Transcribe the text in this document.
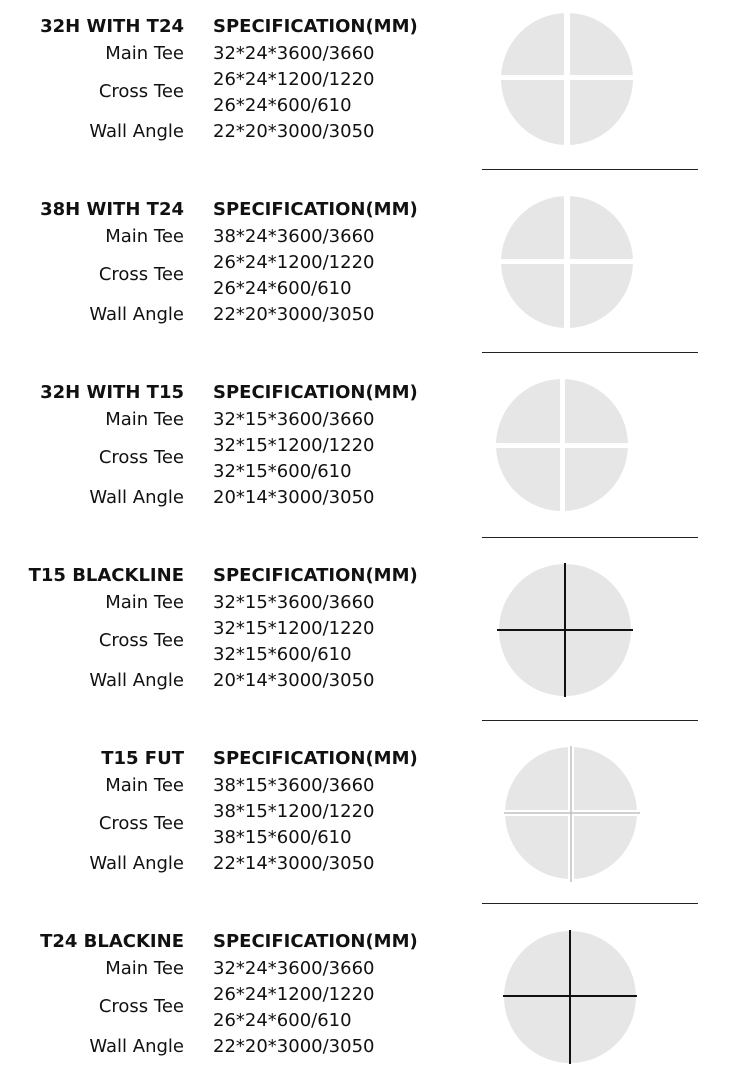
32H WITH T24 SPECIFICATION(MM)
Main Tee
Cross Tee
Wall Angle
32*24*3600/3660
26*24*1200/1220
26*24*600/610
22*20*3000/3050
38H WITH T24 SPECIFICATION(MM)
Main Tee
Cross Tee
Wall Angle
38*24*3600/3660
26*24*1200/1220
26*24*600/610
22*20*3000/3050
32H WITH T15 SPECIFICATION(MM)
Main Tee
Cross Tee
Wall Angle
32*15*3600/3660
32*15*1200/1220
32*15*600/610
20*14*3000/3050
T15 BLACKLINE SPECIFICATION(MM)
Main Tee
Cross Tee
Wall Angle
32*15*3600/3660
32*15*1200/1220
32*15*600/610
20*14*3000/3050
T15 FUT SPECIFICATION(MM)
Main Tee
Cross Tee
Wall Angle
38*15*3600/3660
38*15*1200/1220
38*15*600/610
22*14*3000/3050
T24 BLACKINE SPECIFICATION(MM)
Main Tee
Cross Tee
Wall Angle
32*24*3600/3660
26*24*1200/1220
26*24*600/610
22*20*3000/3050
